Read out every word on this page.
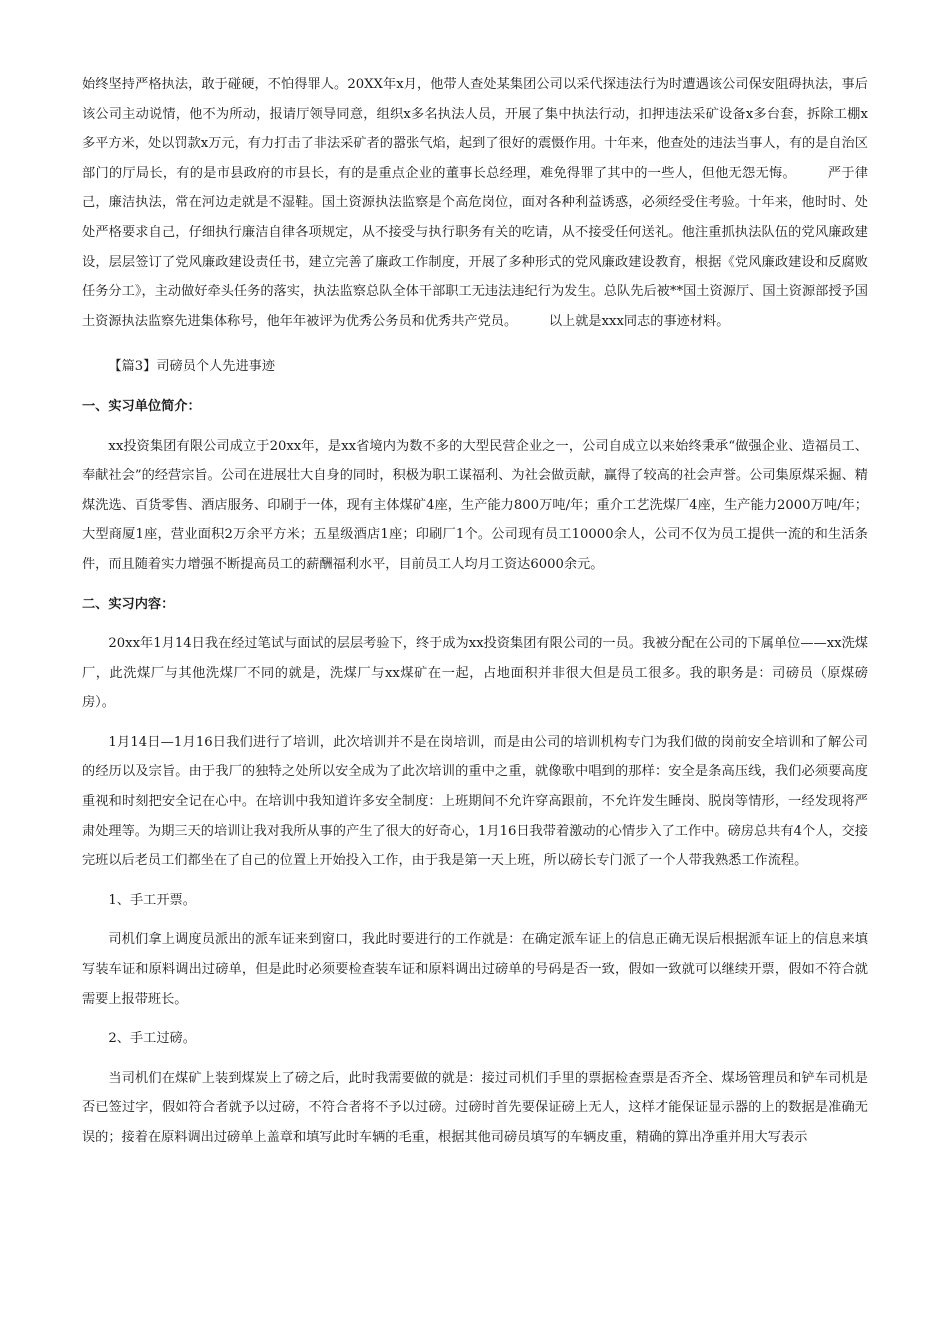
始终坚持严格执法，敢于碰硬，不怕得罪人。20XX年x月，他带人查处某集团公司以采代探违法行为时遭遇该公司保安阻碍执法，事后该公司主动说情，他不为所动，报请厅领导同意，组织x多名执法人员，开展了集中执法行动，扣押违法采矿设备x多台套，拆除工棚x多平方米，处以罚款x万元，有力打击了非法采矿者的嚣张气焰，起到了很好的震慑作用。十年来，他查处的违法当事人，有的是自治区部门的厅局长，有的是市县政府的市县长，有的是重点企业的董事长总经理，难免得罪了其中的一些人，但他无怨无悔。 严于律己，廉洁执法，常在河边走就是不湿鞋。国土资源执法监察是个高危岗位，面对各种利益诱惑，必须经受住考验。十年来，他时时、处处严格要求自己，仔细执行廉洁自律各项规定，从不接受与执行职务有关的吃请，从不接受任何送礼。他注重抓执法队伍的党风廉政建设，层层签订了党风廉政建设责任书，建立完善了廉政工作制度，开展了多种形式的党风廉政建设教育，根据《党风廉政建设和反腐败任务分工》，主动做好牵头任务的落实，执法监察总队全体干部职工无违法违纪行为发生。总队先后被**国土资源厅、国土资源部授予国土资源执法监察先进集体称号，他年年被评为优秀公务员和优秀共产党员。 以上就是xxx同志的事迹材料。

【篇3】司磅员个人先进事迹

一、实习单位简介：

xx投资集团有限公司成立于20xx年，是xx省境内为数不多的大型民营企业之一，公司自成立以来始终秉承“做强企业、造福员工、奉献社会”的经营宗旨。公司在进展壮大自身的同时，积极为职工谋福利、为社会做贡献，赢得了较高的社会声誉。公司集原煤采掘、精煤洗选、百货零售、酒店服务、印刷于一体，现有主体煤矿4座，生产能力800万吨/年；重介工艺洗煤厂4座，生产能力2000万吨/年；大型商厦1座，营业面积2万余平方米；五星级酒店1座；印刷厂1个。公司现有员工10000余人，公司不仅为员工提供一流的和生活条件，而且随着实力增强不断提高员工的薪酬福利水平，目前员工人均月工资达6000余元。

二、实习内容：

20xx年1月14日我在经过笔试与面试的层层考验下，终于成为xx投资集团有限公司的一员。我被分配在公司的下属单位——xx洗煤厂，此洗煤厂与其他洗煤厂不同的就是，洗煤厂与xx煤矿在一起，占地面积并非很大但是员工很多。我的职务是：司磅员（原煤磅房）。

1月14日—1月16日我们进行了培训，此次培训并不是在岗培训，而是由公司的培训机构专门为我们做的岗前安全培训和了解公司的经历以及宗旨。由于我厂的独特之处所以安全成为了此次培训的重中之重，就像歌中唱到的那样：安全是条高压线，我们必须要高度重视和时刻把安全记在心中。在培训中我知道许多安全制度：上班期间不允许穿高跟前，不允许发生睡岗、脱岗等情形，一经发现将严肃处理等。为期三天的培训让我对我所从事的产生了很大的好奇心，1月16日我带着激动的心情步入了工作中。磅房总共有4个人，交接完班以后老员工们都坐在了自己的位置上开始投入工作，由于我是第一天上班，所以磅长专门派了一个人带我熟悉工作流程。

1、手工开票。

司机们拿上调度员派出的派车证来到窗口，我此时要进行的工作就是：在确定派车证上的信息正确无误后根据派车证上的信息来填写装车证和原料调出过磅单，但是此时必须要检查装车证和原料调出过磅单的号码是否一致，假如一致就可以继续开票，假如不符合就需要上报带班长。

2、手工过磅。

当司机们在煤矿上装到煤炭上了磅之后，此时我需要做的就是：接过司机们手里的票据检查票是否齐全、煤场管理员和铲车司机是否已签过字，假如符合者就予以过磅，不符合者将不予以过磅。过磅时首先要保证磅上无人，这样才能保证显示器的上的数据是准确无误的；接着在原料调出过磅单上盖章和填写此时车辆的毛重，根据其他司磅员填写的车辆皮重，精确的算出净重并用大写表示
